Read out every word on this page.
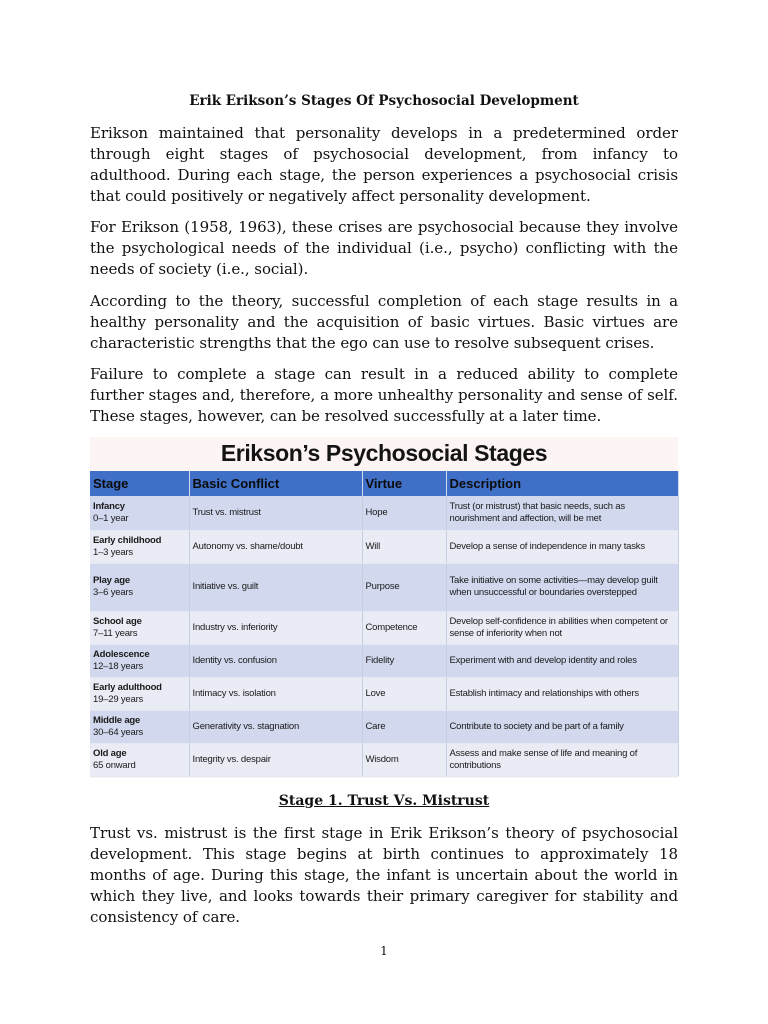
Erik Erikson’s Stages Of Psychosocial Development

Erikson maintained that personality develops in a predetermined order through eight stages of psychosocial development, from infancy to adulthood. During each stage, the person experiences a psychosocial crisis that could positively or negatively affect personality development.

For Erikson (1958, 1963), these crises are psychosocial because they involve the psychological needs of the individual (i.e., psycho) conflicting with the needs of society (i.e., social).

According to the theory, successful completion of each stage results in a healthy personality and the acquisition of basic virtues. Basic virtues are characteristic strengths that the ego can use to resolve subsequent crises.

Failure to complete a stage can result in a reduced ability to complete further stages and, therefore, a more unhealthy personality and sense of self. These stages, however, can be resolved successfully at a later time.

Erikson’s Psychosocial Stages
Stage	Basic Conflict	Virtue	Description

Infancy
0–1 year	Trust vs. mistrust	Hope	Trust (or mistrust) that basic needs, such as nourishment and affection, will be met

Early childhood
1–3 years	Autonomy vs. shame/doubt	Will	Develop a sense of independence in many tasks

Play age
3–6 years	Initiative vs. guilt	Purpose	Take initiative on some activities—may develop guilt when unsuccessful or boundaries overstepped

School age
7–11 years	Industry vs. inferiority	Competence	Develop self-confidence in abilities when competent or sense of inferiority when not

Adolescence
12–18 years	Identity vs. confusion	Fidelity	Experiment with and develop identity and roles

Early adulthood
19–29 years	Intimacy vs. isolation	Love	Establish intimacy and relationships with others

Middle age
30–64 years	Generativity vs. stagnation	Care	Contribute to society and be part of a family

Old age
65 onward	Integrity vs. despair	Wisdom	Assess and make sense of life and meaning of contributions
Stage 1. Trust Vs. Mistrust

Trust vs. mistrust is the first stage in Erik Erikson’s theory of psychosocial development. This stage begins at birth continues to approximately 18 months of age. During this stage, the infant is uncertain about the world in which they live, and looks towards their primary caregiver for stability and consistency of care.

1
